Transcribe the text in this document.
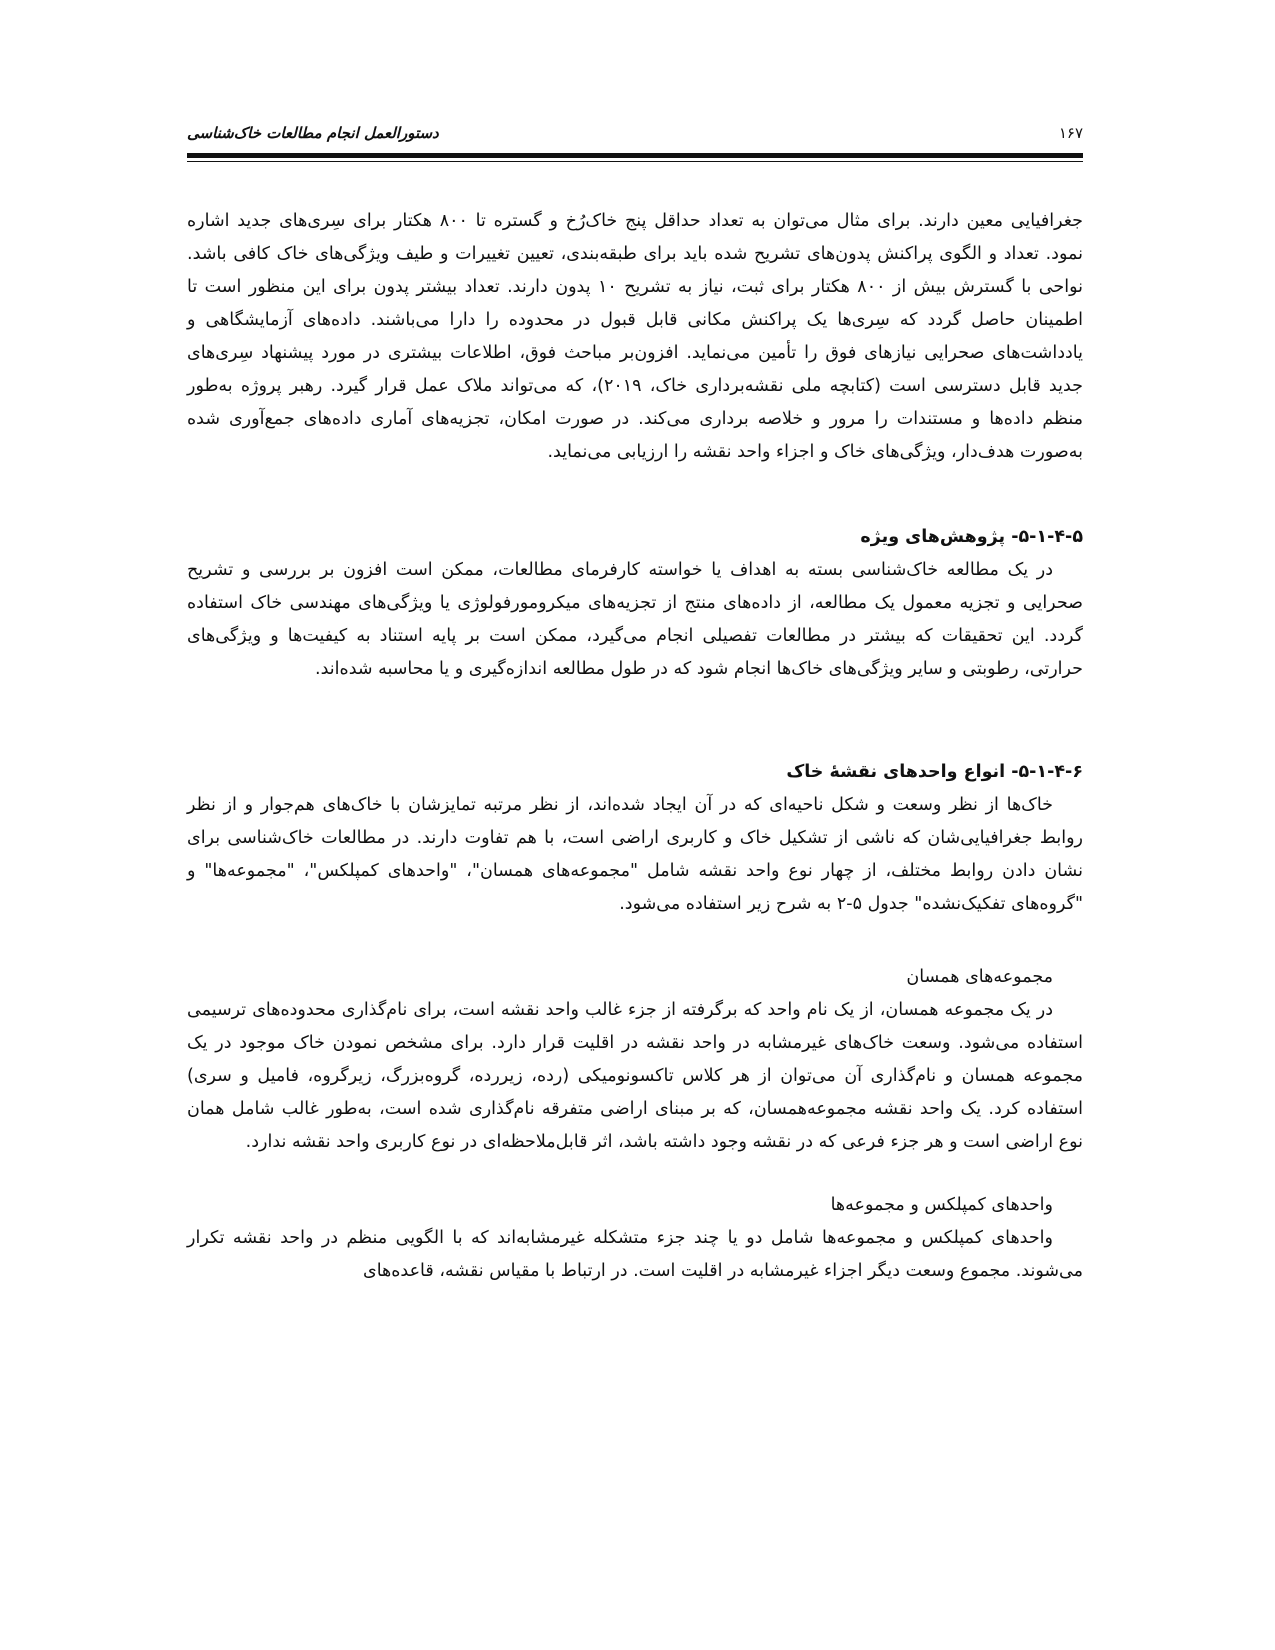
۱۶۷
دستورالعمل انجام مطالعات خاک‌شناسی

جغرافیایی معین دارند. برای مثال می‌توان به تعداد حداقل پنج خاک‌رُخ و گستره تا ۸۰۰ هکتار برای سِری‌های جدید اشاره نمود. تعداد و الگوی پراکنش پدون‌های تشریح شده باید برای طبقه‌بندی، تعیین تغییرات و طیف ویژگی‌های خاک کافی باشد. نواحی با گسترش بیش از ۸۰۰ هکتار برای ثبت، نیاز به تشریح ۱۰ پدون دارند. تعداد بیشتر پدون برای این منظور است تا اطمینان حاصل گردد که سِری‌ها یک پراکنش مکانی قابل قبول در محدوده را دارا می‌باشند. داده‌های آزمایشگاهی و یادداشت‌های صحرایی نیازهای فوق را تأمین می‌نماید. افزون‌بر مباحث فوق، اطلاعات بیشتری در مورد پیشنهاد سِری‌های جدید قابل دسترسی است (کتابچه ملی نقشه‌برداری خاک، ۲۰۱۹)، که می‌تواند ملاک عمل قرار گیرد. رهبر پروژه به‌طور منظم داده‌ها و مستندات را مرور و خلاصه برداری می‌کند. در صورت امکان، تجزیه‌های آماری داده‌های جمع‌آوری شده به‌صورت هدف‌دار، ویژگی‌های خاک و اجزاء واحد نقشه را ارزیابی می‌نماید.

۵-۱-۴-۵- پژوهش‌های ویژه

در یک مطالعه خاک‌شناسی بسته به اهداف یا خواسته کارفرمای مطالعات، ممکن است افزون بر بررسی و تشریح صحرایی و تجزیه معمول یک مطالعه، از داده‌های منتج از تجزیه‌های میکرومورفولوژی یا ویژگی‌های مهندسی خاک استفاده گردد. این تحقیقات که بیشتر در مطالعات تفصیلی انجام می‌گیرد، ممکن است بر پایه استناد به کیفیت‌ها و ویژگی‌های حرارتی، رطوبتی و سایر ویژگی‌های خاک‌ها انجام شود که در طول مطالعه اندازه‌گیری و یا محاسبه شده‌اند.

۵-۱-۴-۶- انواع واحدهای نقشهٔ خاک

خاک‌ها از نظر وسعت و شکل ناحیه‌ای که در آن ایجاد شده‌اند، از نظر مرتبه تمایزشان با خاک‌های هم‌جوار و از نظر روابط جغرافیایی‌شان که ناشی از تشکیل خاک و کاربری اراضی است، با هم تفاوت دارند. در مطالعات خاک‌شناسی برای نشان دادن روابط مختلف، از چهار نوع واحد نقشه شامل "مجموعه‌های همسان"، "واحدهای کمپلکس"، "مجموعه‌ها" و "گروه‌های تفکیک‌نشده" جدول ۵-۲ به شرح زیر استفاده می‌شود.

مجموعه‌های همسان

در یک مجموعه همسان، از یک نام واحد که برگرفته از جزء غالب واحد نقشه است، برای نام‌گذاری محدوده‌های ترسیمی استفاده می‌شود. وسعت خاک‌های غیرمشابه در واحد نقشه در اقلیت قرار دارد. برای مشخص نمودن خاک موجود در یک مجموعه همسان و نام‌گذاری آن می‌توان از هر کلاس تاکسونومیکی (رده، زیررده، گروه‌بزرگ، زیرگروه، فامیل و سری) استفاده کرد. یک واحد نقشه مجموعه‌همسان، که بر مبنای اراضی متفرقه نام‌گذاری شده است، به‌طور غالب شامل همان نوع اراضی است و هر جزء فرعی که در نقشه وجود داشته باشد، اثر قابل‌ملاحظه‌ای در نوع کاربری واحد نقشه ندارد.

واحدهای کمپلکس و مجموعه‌ها

واحدهای کمپلکس و مجموعه‌ها شامل دو یا چند جزء متشکله غیرمشابه‌اند که با الگویی منظم در واحد نقشه تکرار می‌شوند. مجموع وسعت دیگر اجزاء غیرمشابه در اقلیت است. در ارتباط با مقیاس نقشه، قاعده‌های
